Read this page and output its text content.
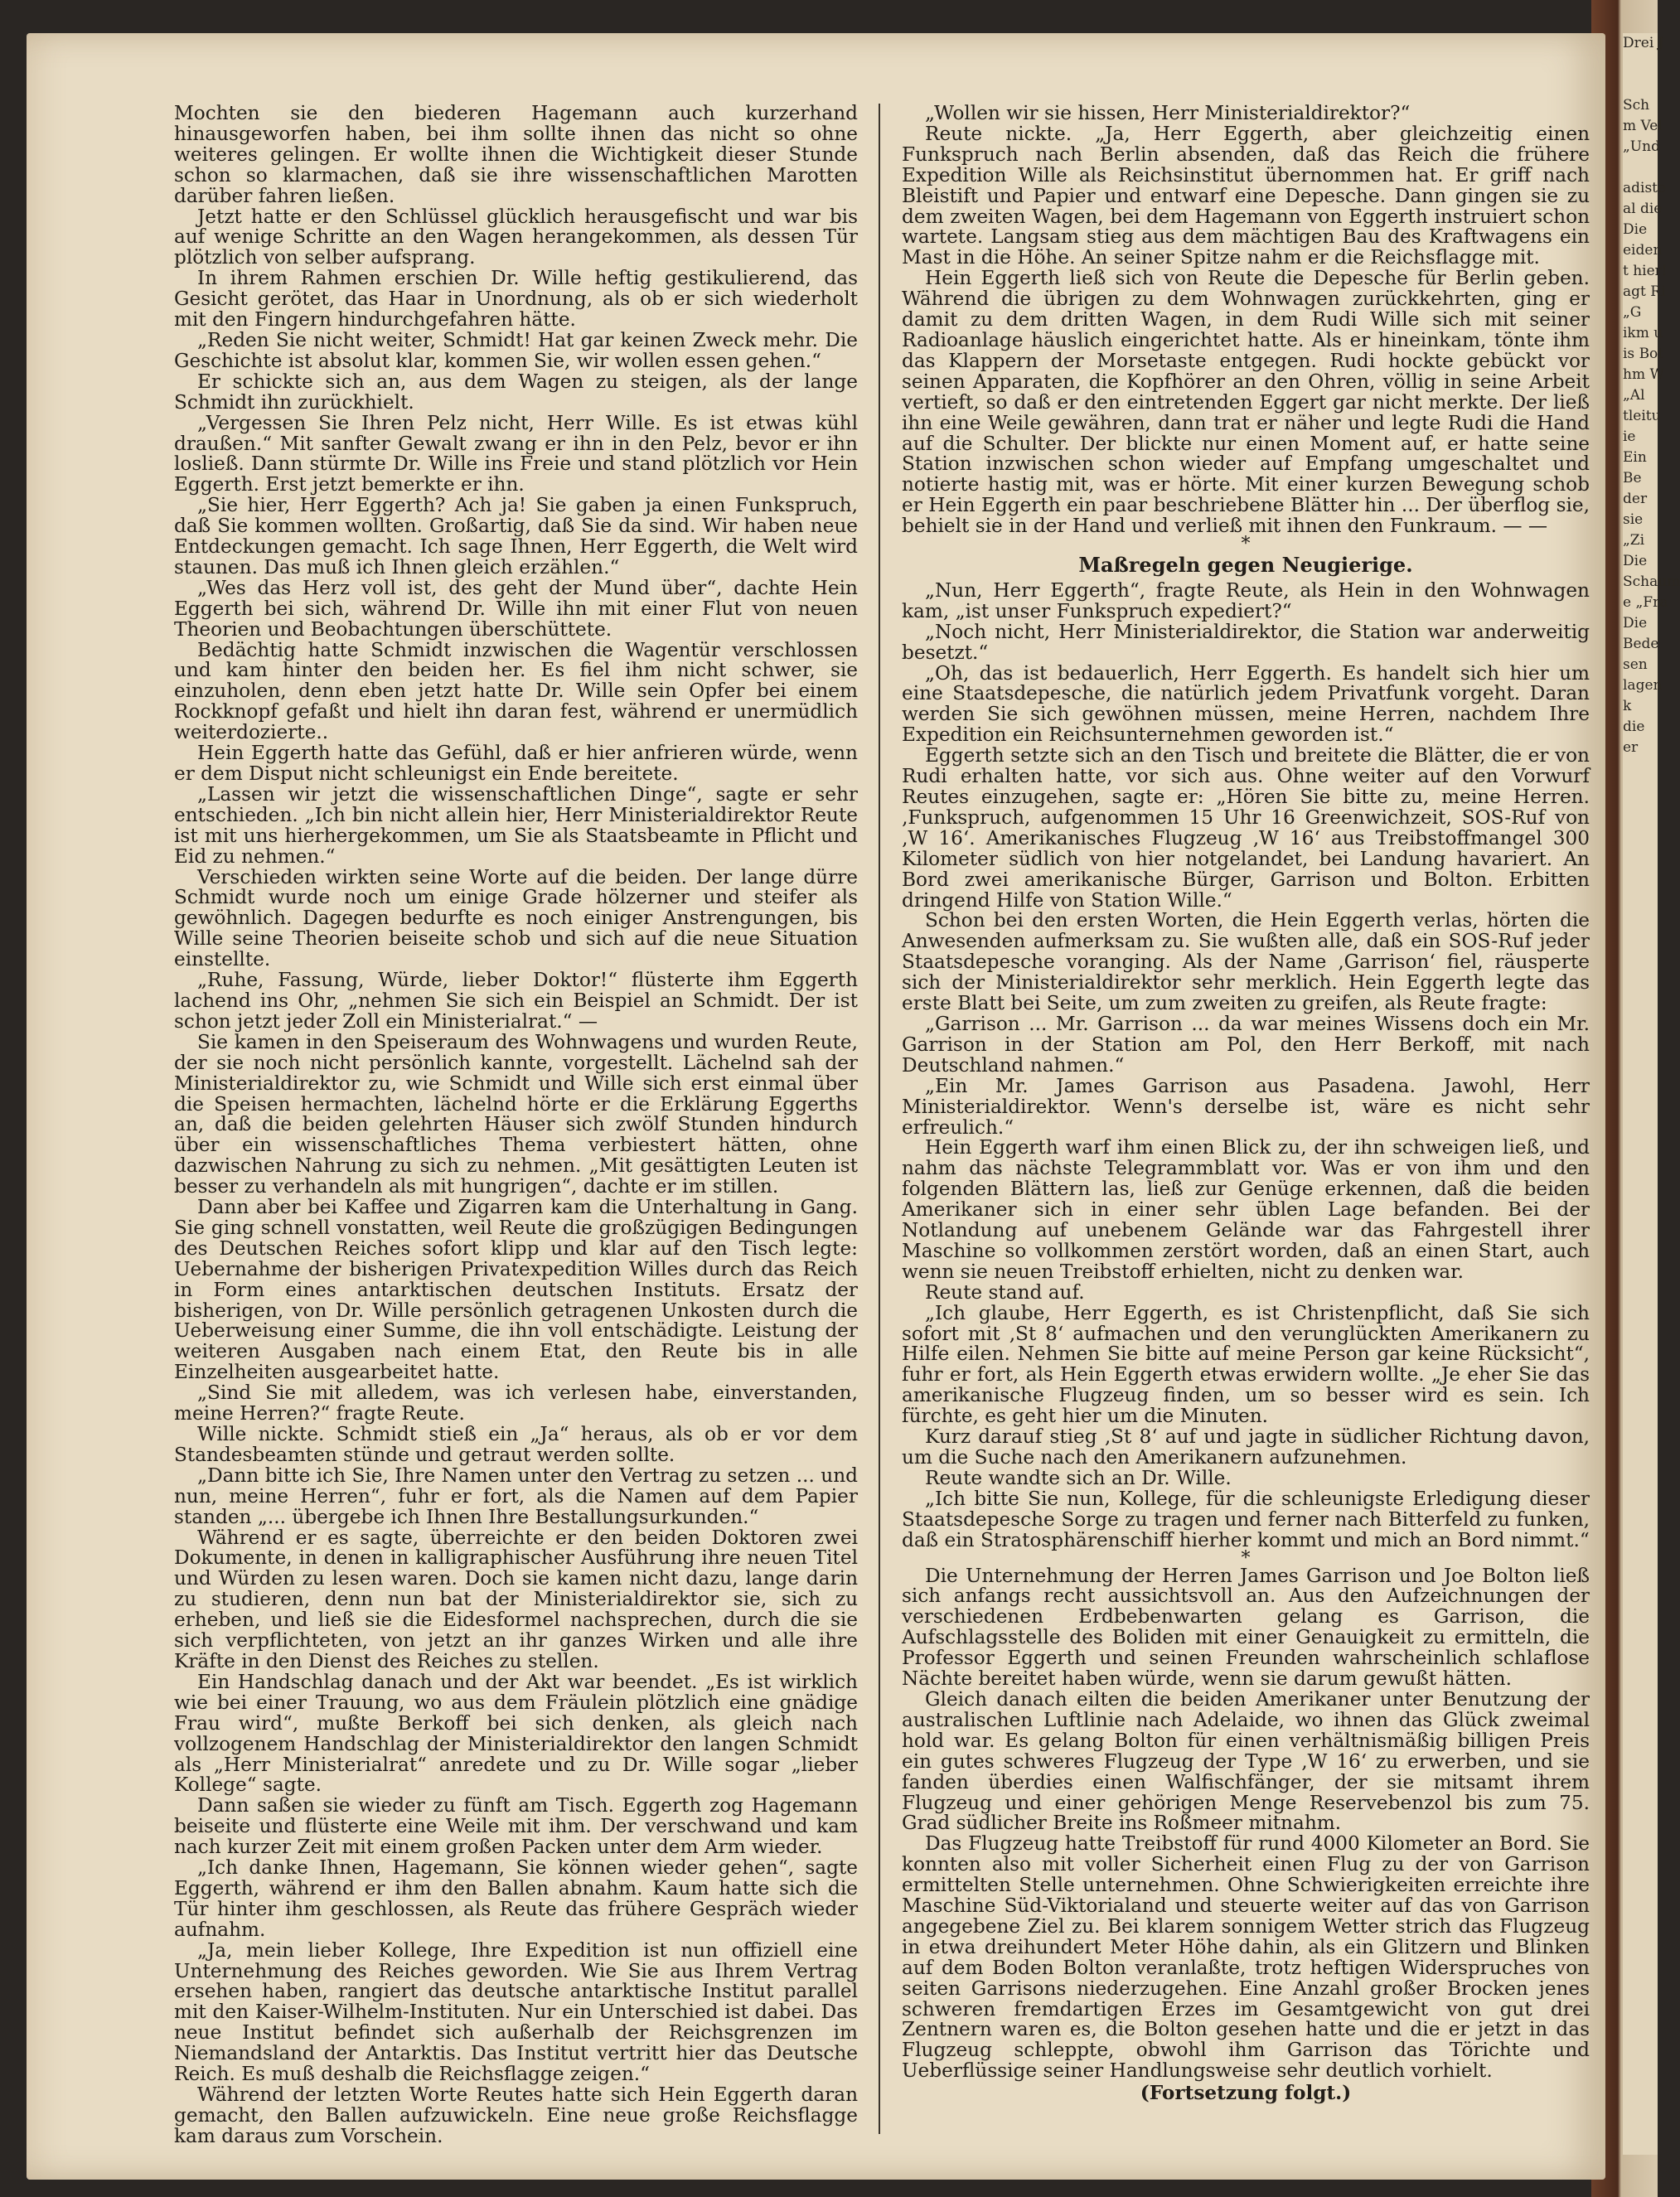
Drei J

Sch
m Vel
„Und

adiste
al die
Die
eiden
t hier!
agt Ri
„G
ikm u
is Bot
hm W
„Al
tleitu
ie
Ein
Be
der
sie
„Zi
Die
Schaum
e „Fra
Die
Bede
sen
lagen
k
die
er

Mochten sie den biederen Hagemann auch kurzerhand hinausgeworfen haben, bei ihm sollte ihnen das nicht so ohne weiteres gelingen. Er wollte ihnen die Wichtigkeit dieser Stunde schon so klarmachen, daß sie ihre wissenschaftlichen Marotten darüber fahren ließen.

Jetzt hatte er den Schlüssel glücklich herausgefischt und war bis auf wenige Schritte an den Wagen herangekommen, als dessen Tür plötzlich von selber aufsprang.

In ihrem Rahmen erschien Dr. Wille heftig gestikulierend, das Gesicht gerötet, das Haar in Unordnung, als ob er sich wiederholt mit den Fingern hindurchgefahren hätte.

„Reden Sie nicht weiter, Schmidt! Hat gar keinen Zweck mehr. Die Geschichte ist absolut klar, kommen Sie, wir wollen essen gehen.“

Er schickte sich an, aus dem Wagen zu steigen, als der lange Schmidt ihn zurückhielt.

„Vergessen Sie Ihren Pelz nicht, Herr Wille. Es ist etwas kühl draußen.“ Mit sanfter Gewalt zwang er ihn in den Pelz, bevor er ihn losließ. Dann stürmte Dr. Wille ins Freie und stand plötzlich vor Hein Eggerth. Erst jetzt bemerkte er ihn.

„Sie hier, Herr Eggerth? Ach ja! Sie gaben ja einen Funkspruch, daß Sie kommen wollten. Großartig, daß Sie da sind. Wir haben neue Entdeckungen gemacht. Ich sage Ihnen, Herr Eggerth, die Welt wird staunen. Das muß ich Ihnen gleich erzählen.“

„Wes das Herz voll ist, des geht der Mund über“, dachte Hein Eggerth bei sich, während Dr. Wille ihn mit einer Flut von neuen Theorien und Beobachtungen überschüttete.

Bedächtig hatte Schmidt inzwischen die Wagentür verschlossen und kam hinter den beiden her. Es fiel ihm nicht schwer, sie einzuholen, denn eben jetzt hatte Dr. Wille sein Opfer bei einem Rockknopf gefaßt und hielt ihn daran fest, während er unermüdlich weiterdozierte..

Hein Eggerth hatte das Gefühl, daß er hier anfrieren würde, wenn er dem Disput nicht schleunigst ein Ende bereitete.

„Lassen wir jetzt die wissenschaftlichen Dinge“, sagte er sehr entschieden. „Ich bin nicht allein hier, Herr Ministerialdirektor Reute ist mit uns hierhergekommen, um Sie als Staatsbeamte in Pflicht und Eid zu nehmen.“

Verschieden wirkten seine Worte auf die beiden. Der lange dürre Schmidt wurde noch um einige Grade hölzerner und steifer als gewöhnlich. Dagegen bedurfte es noch einiger Anstrengungen, bis Wille seine Theorien beiseite schob und sich auf die neue Situation einstellte.

„Ruhe, Fassung, Würde, lieber Doktor!“ flüsterte ihm Eggerth lachend ins Ohr, „nehmen Sie sich ein Beispiel an Schmidt. Der ist schon jetzt jeder Zoll ein Ministerialrat.“ —

Sie kamen in den Speiseraum des Wohnwagens und wurden Reute, der sie noch nicht persönlich kannte, vorgestellt. Lächelnd sah der Ministerialdirektor zu, wie Schmidt und Wille sich erst einmal über die Speisen hermachten, lächelnd hörte er die Erklärung Eggerths an, daß die beiden gelehrten Häuser sich zwölf Stunden hindurch über ein wissenschaftliches Thema verbiestert hätten, ohne dazwischen Nahrung zu sich zu nehmen. „Mit gesättigten Leuten ist besser zu verhandeln als mit hungrigen“, dachte er im stillen.

Dann aber bei Kaffee und Zigarren kam die Unterhaltung in Gang. Sie ging schnell vonstatten, weil Reute die großzügigen Bedingungen des Deutschen Reiches sofort klipp und klar auf den Tisch legte: Uebernahme der bisherigen Privatexpedition Willes durch das Reich in Form eines antarktischen deutschen Instituts. Ersatz der bisherigen, von Dr. Wille persönlich getragenen Unkosten durch die Ueberweisung einer Summe, die ihn voll entschädigte. Leistung der weiteren Ausgaben nach einem Etat, den Reute bis in alle Einzelheiten ausgearbeitet hatte.

„Sind Sie mit alledem, was ich verlesen habe, einverstanden, meine Herren?“ fragte Reute.

Wille nickte. Schmidt stieß ein „Ja“ heraus, als ob er vor dem Standesbeamten stünde und getraut werden sollte.

„Dann bitte ich Sie, Ihre Namen unter den Vertrag zu setzen ... und nun, meine Herren“, fuhr er fort, als die Namen auf dem Papier standen „... übergebe ich Ihnen Ihre Bestallungsurkunden.“

Während er es sagte, überreichte er den beiden Doktoren zwei Dokumente, in denen in kalligraphischer Ausführung ihre neuen Titel und Würden zu lesen waren. Doch sie kamen nicht dazu, lange darin zu studieren, denn nun bat der Ministerialdirektor sie, sich zu erheben, und ließ sie die Eidesformel nachsprechen, durch die sie sich verpflichteten, von jetzt an ihr ganzes Wirken und alle ihre Kräfte in den Dienst des Reiches zu stellen.

Ein Handschlag danach und der Akt war beendet. „Es ist wirklich wie bei einer Trauung, wo aus dem Fräulein plötzlich eine gnädige Frau wird“, mußte Berkoff bei sich denken, als gleich nach vollzogenem Handschlag der Ministerialdirektor den langen Schmidt als „Herr Ministerialrat“ anredete und zu Dr. Wille sogar „lieber Kollege“ sagte.

Dann saßen sie wieder zu fünft am Tisch. Eggerth zog Hagemann beiseite und flüsterte eine Weile mit ihm. Der verschwand und kam nach kurzer Zeit mit einem großen Packen unter dem Arm wieder.

„Ich danke Ihnen, Hagemann, Sie können wieder gehen“, sagte Eggerth, während er ihm den Ballen abnahm. Kaum hatte sich die Tür hinter ihm geschlossen, als Reute das frühere Gespräch wieder aufnahm.

„Ja, mein lieber Kollege, Ihre Expedition ist nun offiziell eine Unternehmung des Reiches geworden. Wie Sie aus Ihrem Vertrag ersehen haben, rangiert das deutsche antarktische Institut parallel mit den Kaiser-Wilhelm-Instituten. Nur ein Unterschied ist dabei. Das neue Institut befindet sich außerhalb der Reichsgrenzen im Niemandsland der Antarktis. Das Institut vertritt hier das Deutsche Reich. Es muß deshalb die Reichsflagge zeigen.“

Während der letzten Worte Reutes hatte sich Hein Eggerth daran gemacht, den Ballen aufzuwickeln. Eine neue große Reichsflagge kam daraus zum Vorschein.

„Wollen wir sie hissen, Herr Ministerialdirektor?“

Reute nickte. „Ja, Herr Eggerth, aber gleichzeitig einen Funkspruch nach Berlin absenden, daß das Reich die frühere Expedition Wille als Reichsinstitut übernommen hat. Er griff nach Bleistift und Papier und entwarf eine Depesche. Dann gingen sie zu dem zweiten Wagen, bei dem Hagemann von Eggerth instruiert schon wartete. Langsam stieg aus dem mächtigen Bau des Kraftwagens ein Mast in die Höhe. An seiner Spitze nahm er die Reichsflagge mit.

Hein Eggerth ließ sich von Reute die Depesche für Berlin geben. Während die übrigen zu dem Wohnwagen zurückkehrten, ging er damit zu dem dritten Wagen, in dem Rudi Wille sich mit seiner Radioanlage häuslich eingerichtet hatte. Als er hineinkam, tönte ihm das Klappern der Morsetaste entgegen. Rudi hockte gebückt vor seinen Apparaten, die Kopfhörer an den Ohren, völlig in seine Arbeit vertieft, so daß er den eintretenden Eggert gar nicht merkte. Der ließ ihn eine Weile gewähren, dann trat er näher und legte Rudi die Hand auf die Schulter. Der blickte nur einen Moment auf, er hatte seine Station inzwischen schon wieder auf Empfang umgeschaltet und notierte hastig mit, was er hörte. Mit einer kurzen Bewegung schob er Hein Eggerth ein paar beschriebene Blätter hin ... Der überflog sie, behielt sie in der Hand und verließ mit ihnen den Funkraum. — —

*
Maßregeln gegen Neugierige.

„Nun, Herr Eggerth“, fragte Reute, als Hein in den Wohnwagen kam, „ist unser Funkspruch expediert?“

„Noch nicht, Herr Ministerialdirektor, die Station war anderweitig besetzt.“

„Oh, das ist bedauerlich, Herr Eggerth. Es handelt sich hier um eine Staatsdepesche, die natürlich jedem Privatfunk vorgeht. Daran werden Sie sich gewöhnen müssen, meine Herren, nachdem Ihre Expedition ein Reichsunternehmen geworden ist.“

Eggerth setzte sich an den Tisch und breitete die Blätter, die er von Rudi erhalten hatte, vor sich aus. Ohne weiter auf den Vorwurf Reutes einzugehen, sagte er: „Hören Sie bitte zu, meine Herren. ‚Funkspruch, aufgenommen 15 Uhr 16 Greenwichzeit, SOS-Ruf von ‚W 16‘. Amerikanisches Flugzeug ‚W 16‘ aus Treibstoffmangel 300 Kilometer südlich von hier notgelandet, bei Landung havariert. An Bord zwei amerikanische Bürger, Garrison und Bolton. Erbitten dringend Hilfe von Station Wille.“

Schon bei den ersten Worten, die Hein Eggerth verlas, hörten die Anwesenden aufmerksam zu. Sie wußten alle, daß ein SOS-Ruf jeder Staatsdepesche voranging. Als der Name ‚Garrison‘ fiel, räusperte sich der Ministerialdirektor sehr merklich. Hein Eggerth legte das erste Blatt bei Seite, um zum zweiten zu greifen, als Reute fragte:

„Garrison ... Mr. Garrison ... da war meines Wissens doch ein Mr. Garrison in der Station am Pol, den Herr Berkoff, mit nach Deutschland nahmen.“

„Ein Mr. James Garrison aus Pasadena. Jawohl, Herr Ministerialdirektor. Wenn's derselbe ist, wäre es nicht sehr erfreulich.“

Hein Eggerth warf ihm einen Blick zu, der ihn schweigen ließ, und nahm das nächste Telegrammblatt vor. Was er von ihm und den folgenden Blättern las, ließ zur Genüge erkennen, daß die beiden Amerikaner sich in einer sehr üblen Lage befanden. Bei der Notlandung auf unebenem Gelände war das Fahrgestell ihrer Maschine so vollkommen zerstört worden, daß an einen Start, auch wenn sie neuen Treibstoff erhielten, nicht zu denken war.

Reute stand auf.

„Ich glaube, Herr Eggerth, es ist Christenpflicht, daß Sie sich sofort mit ‚St 8‘ aufmachen und den verunglückten Amerikanern zu Hilfe eilen. Nehmen Sie bitte auf meine Person gar keine Rücksicht“, fuhr er fort, als Hein Eggerth etwas erwidern wollte. „Je eher Sie das amerikanische Flugzeug finden, um so besser wird es sein. Ich fürchte, es geht hier um die Minuten.

Kurz darauf stieg ‚St 8‘ auf und jagte in südlicher Richtung davon, um die Suche nach den Amerikanern aufzunehmen.

Reute wandte sich an Dr. Wille.

„Ich bitte Sie nun, Kollege, für die schleunigste Erledigung dieser Staatsdepesche Sorge zu tragen und ferner nach Bitterfeld zu funken, daß ein Stratosphärenschiff hierher kommt und mich an Bord nimmt.“

*

Die Unternehmung der Herren James Garrison und Joe Bolton ließ sich anfangs recht aussichtsvoll an. Aus den Aufzeichnungen der verschiedenen Erdbebenwarten gelang es Garrison, die Aufschlagsstelle des Boliden mit einer Genauigkeit zu ermitteln, die Professor Eggerth und seinen Freunden wahrscheinlich schlaflose Nächte bereitet haben würde, wenn sie darum gewußt hätten.

Gleich danach eilten die beiden Amerikaner unter Benutzung der australischen Luftlinie nach Adelaide, wo ihnen das Glück zweimal hold war. Es gelang Bolton für einen verhältnismäßig billigen Preis ein gutes schweres Flugzeug der Type ‚W 16‘ zu erwerben, und sie fanden überdies einen Walfischfänger, der sie mitsamt ihrem Flugzeug und einer gehörigen Menge Reservebenzol bis zum 75. Grad südlicher Breite ins Roßmeer mitnahm.

Das Flugzeug hatte Treibstoff für rund 4000 Kilometer an Bord. Sie konnten also mit voller Sicherheit einen Flug zu der von Garrison ermittelten Stelle unternehmen. Ohne Schwierigkeiten erreichte ihre Maschine Süd-Viktorialand und steuerte weiter auf das von Garrison angegebene Ziel zu. Bei klarem sonnigem Wetter strich das Flugzeug in etwa dreihundert Meter Höhe dahin, als ein Glitzern und Blinken auf dem Boden Bolton veranlaßte, trotz heftigen Widerspruches von seiten Garrisons niederzugehen. Eine Anzahl großer Brocken jenes schweren fremdartigen Erzes im Gesamtgewicht von gut drei Zentnern waren es, die Bolton gesehen hatte und die er jetzt in das Flugzeug schleppte, obwohl ihm Garrison das Törichte und Ueberflüssige seiner Handlungsweise sehr deutlich vorhielt.

(Fortsetzung folgt.)
